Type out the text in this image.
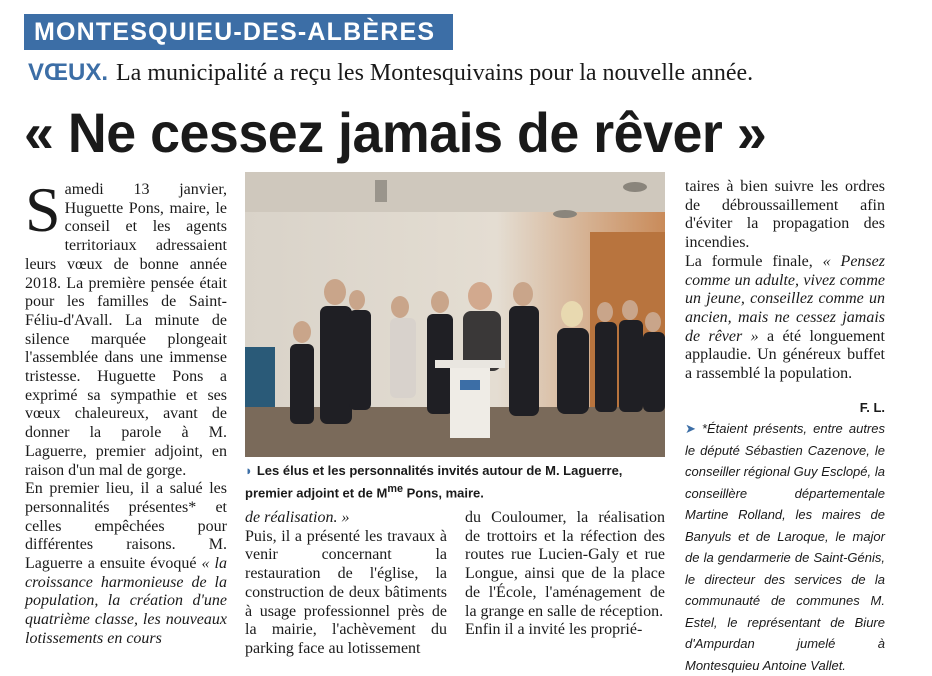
MONTESQUIEU-DES-ALBÈRES
VŒUX. La municipalité a reçu les Montesquivains pour la nouvelle année.
« Ne cessez jamais de rêver »

Samedi 13 janvier, Huguette Pons, maire, le conseil et les agents territoriaux adressaient leurs vœux de bonne année 2018. La première pensée était pour les familles de Saint-Féliu-d'Avall. La minute de silence marquée plongeait l'assemblée dans une immense tristesse. Huguette Pons a exprimé sa sympathie et ses vœux chaleureux, avant de donner la parole à M. Laguerre, premier adjoint, en raison d'un mal de gorge.

En premier lieu, il a salué les personnalités présentes* et celles empêchées pour différentes raisons. M. Laguerre a ensuite évoqué « la croissance harmonieuse de la population, la création d'une quatrième classe, les nouveaux lotissements en cours

◗ Les élus et les personnalités invités autour de M. Laguerre, premier adjoint et de $M^{me}$ Pons, maire.

de réalisation. »

Puis, il a présenté les travaux à venir concernant la restauration de l'église, la construction de deux bâtiments à usage professionnel près de la mairie, l'achèvement du parking face au lotissement

du Couloumer, la réalisation de trottoirs et la réfection des routes rue Lucien-Galy et rue Longue, ainsi que de la place de l'École, l'aménagement de la grange en salle de réception.

Enfin il a invité les proprié-

taires à bien suivre les ordres de débroussaillement afin d'éviter la propagation des incendies.

La formule finale, « Pensez comme un adulte, vivez comme un jeune, conseillez comme un ancien, mais ne cessez jamais de rêver » a été longuement applaudie. Un généreux buffet a rassemblé la population.

F. L.
➤ *Étaient présents, entre autres le député Sébastien Cazenove, le conseiller régional Guy Esclopé, la conseillère départementale Martine Rolland, les maires de Banyuls et de Laroque, le major de la gendarmerie de Saint-Génis, le directeur des services de la communauté de communes M. Estel, le représentant de Biure d'Ampurdan jumelé à Montesquieu Antoine Vallet.
